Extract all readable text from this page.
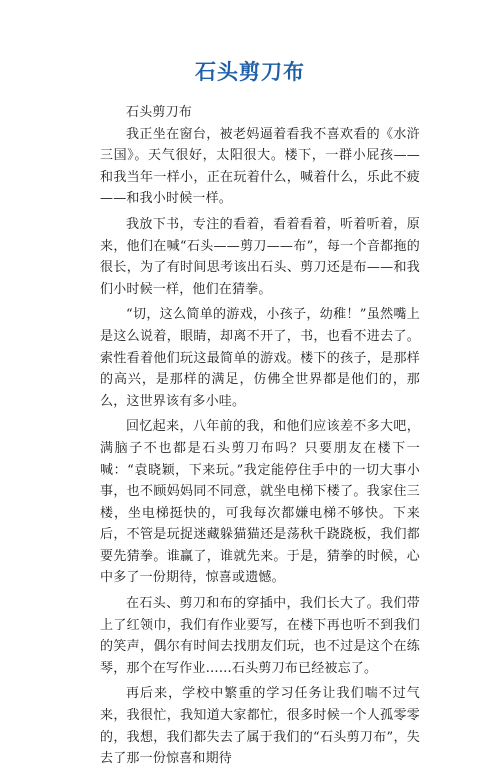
石头剪刀布

石头剪刀布

我正坐在窗台，被老妈逼着看我不喜欢看的《水浒三国》。天气很好，太阳很大。楼下，一群小屁孩——和我当年一样小，正在玩着什么，喊着什么，乐此不疲——和我小时候一样。

我放下书，专注的看着，看着看着，听着听着，原来，他们在喊“石头——剪刀——布”，每一个音都拖的很长，为了有时间思考该出石头、剪刀还是布——和我们小时候一样，他们在猜拳。

“切，这么简单的游戏，小孩子，幼稚！”虽然嘴上是这么说着，眼睛，却离不开了，书，也看不进去了。索性看着他们玩这最简单的游戏。楼下的孩子，是那样的高兴，是那样的满足，仿佛全世界都是他们的，那么，这世界该有多小哇。

回忆起来，八年前的我，和他们应该差不多大吧，满脑子不也都是石头剪刀布吗？只要朋友在楼下一喊：“袁晓颖，下来玩。”我定能停住手中的一切大事小事，也不顾妈妈同不同意，就坐电梯下楼了。我家住三楼，坐电梯挺快的，可我每次都嫌电梯不够快。下来后，不管是玩捉迷藏躲猫猫还是荡秋千跷跷板，我们都要先猜拳。谁赢了，谁就先来。于是，猜拳的时候，心中多了一份期待，惊喜或遗憾。

在石头、剪刀和布的穿插中，我们长大了。我们带上了红领巾，我们有作业要写，在楼下再也听不到我们的笑声，偶尔有时间去找朋友们玩，也不过是这个在练琴，那个在写作业……石头剪刀布已经被忘了。

再后来，学校中繁重的学习任务让我们喘不过气来，我很忙，我知道大家都忙，很多时候一个人孤零零的，我想，我们都失去了属于我们的“石头剪刀布”，失去了那一份惊喜和期待
